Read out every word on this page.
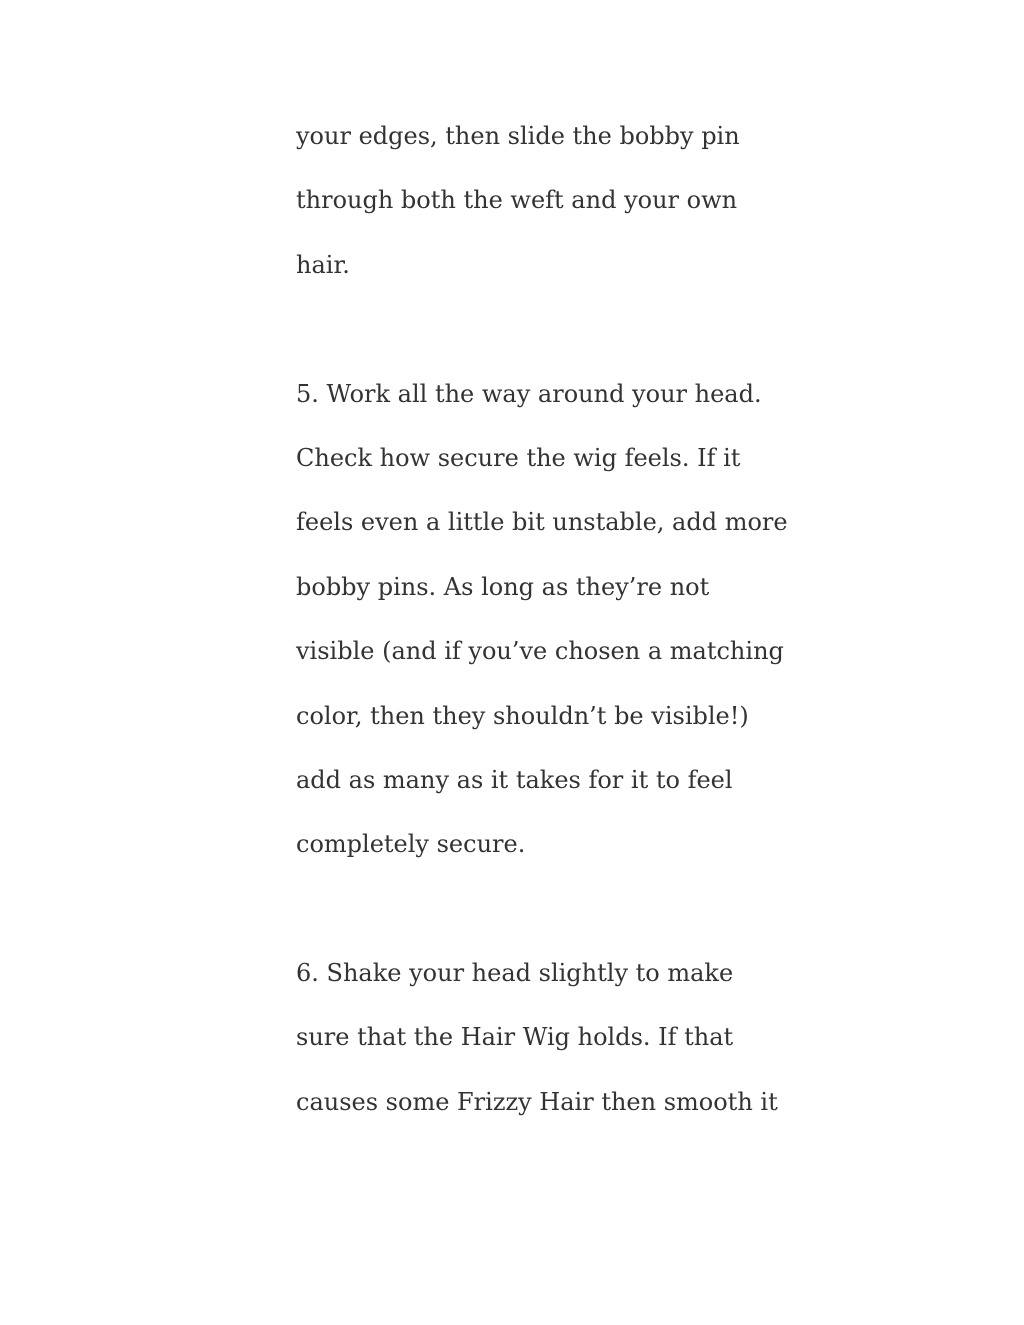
your edges, then slide the bobby pin
through both the weft and your own
hair.

5. Work all the way around your head.
Check how secure the wig feels. If it
feels even a little bit unstable, add more
bobby pins. As long as they’re not
visible (and if you’ve chosen a matching
color, then they shouldn’t be visible!)
add as many as it takes for it to feel
completely secure.

6. Shake your head slightly to make
sure that the Hair Wig holds. If that
causes some Frizzy Hair then smooth it
